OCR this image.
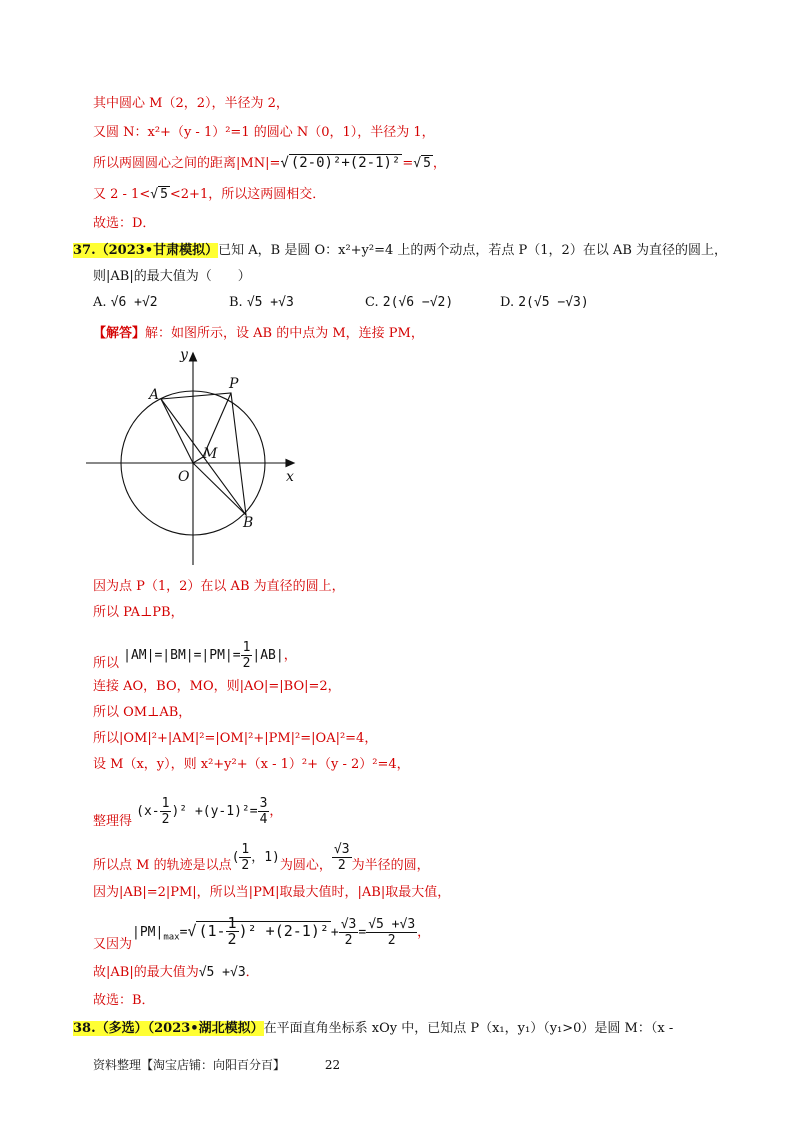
其中圆心 M（2，2），半径为 2，
又圆 N：x²+（y - 1）²=1 的圆心 N（0，1），半径为 1，
所以两圆圆心之间的距离|MN|=√ (2-0)²+(2-1)² =√ 5 ，
又 2 - 1<√ 5 <2+1，所以这两圆相交．
故选：D．
37.（2023•甘肃模拟）已知 A，B 是圆 O：x²+y²=4 上的两个动点，若点 P（1，2）在以 AB 为直径的圆上，
则|AB|的最大值为（　　）
A. √6 +√2	B. √5 +√3	C. 2(√6 −√2)	D. 2(√5 −√3)
【解答】解：如图所示，设 AB 的中点为 M，连接 PM，
y
x
O
A
P
M
B
因为点 P（1，2）在以 AB 为直径的圆上，
所以 PA⊥PB，
所以 $|AM|=|BM|=|PM|= \frac{1}{2} |AB|$，
连接 AO，BO，MO，则|AO|=|BO|=2，
所以 OM⊥AB，
所以|OM|²+|AM|²=|OM|²+|PM|²=|OA|²=4，
设 M（x，y），则 x²+y²+（x - 1）²+（y - 2）²=4，
整理得 $(x- \frac{1}{2} )^2 +(y-1)^2= \frac{3}{4}$ ，
所以点 M 的轨迹是以点( $\frac{1}{2}$ ，1)为圆心， $\frac{√3}{2}$ 为半径的圆，
因为|AB|=2|PM|，所以当|PM|取最大值时，|AB|取最大值，
又因为$|PM|_{max}=√$ $(1- \frac{1}{2} )^2 +(2-1)^2 + \frac{√3}{2} = \frac{√5 +√3}{2}$ ，
故|AB|的最大值为√5 +√3．
故选：B．
38.（多选）（2023•湖北模拟）在平面直角坐标系 xOy 中，已知点 P（x₁，y₁）（y₁>0）是圆 M：（x -
资料整理【淘宝店铺：向阳百分百】	22
